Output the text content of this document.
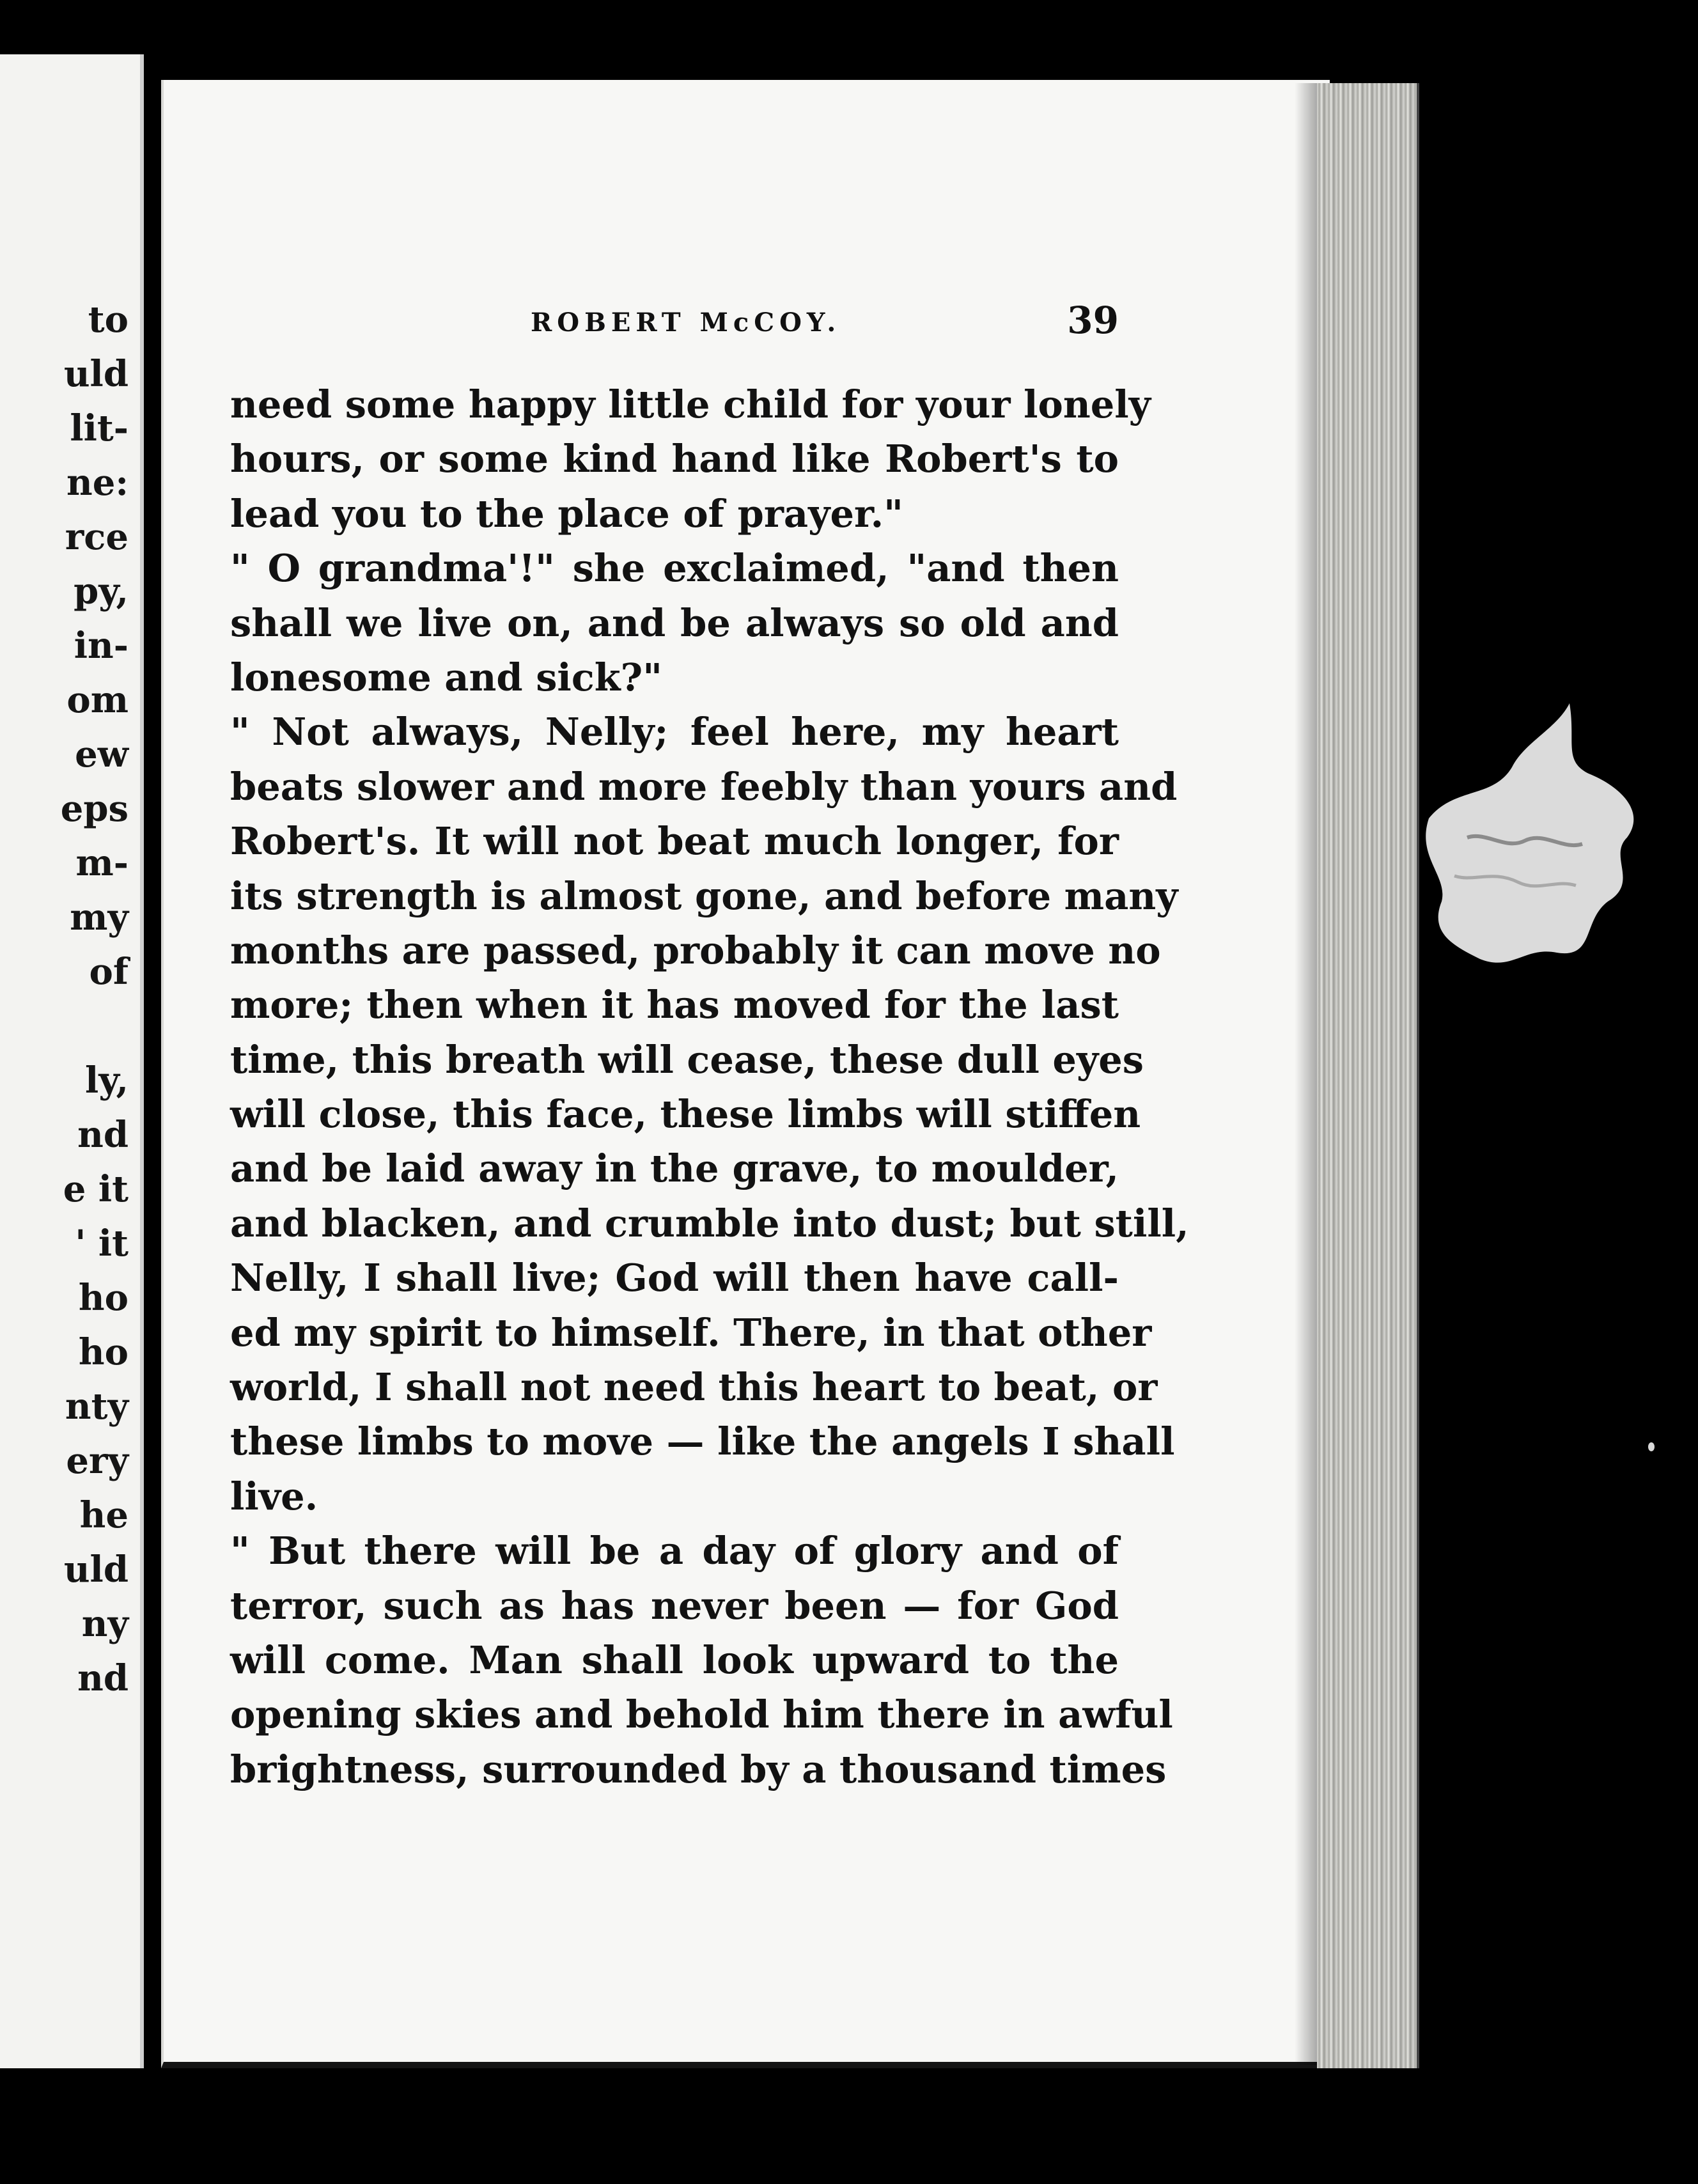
to
uld
lit-
ne:
rce
py,
in-
om
ew
eps
m-
my
of
ly,
nd
e it
' it
ho
ho
nty
ery
he
uld
ny
nd
ROBERT McCOY.	39
need some happy little child for your lonely
hours, or some kind hand like Robert's to
lead you to the place of prayer."
" O grandma'!" she exclaimed, "and then
shall we live on, and be always so old and
lonesome and sick?"
" Not always, Nelly; feel here, my heart
beats slower and more feebly than yours and
Robert's. It will not beat much longer, for
its strength is almost gone, and before many
months are passed, probably it can move no
more; then when it has moved for the last
time, this breath will cease, these dull eyes
will close, this face, these limbs will stiffen
and be laid away in the grave, to moulder,
and blacken, and crumble into dust; but still,
Nelly, I shall live; God will then have call-
ed my spirit to himself. There, in that other
world, I shall not need this heart to beat, or
these limbs to move — like the angels I shall
live.
" But there will be a day of glory and of
terror, such as has never been — for God
will come. Man shall look upward to the
opening skies and behold him there in awful
brightness, surrounded by a thousand times
